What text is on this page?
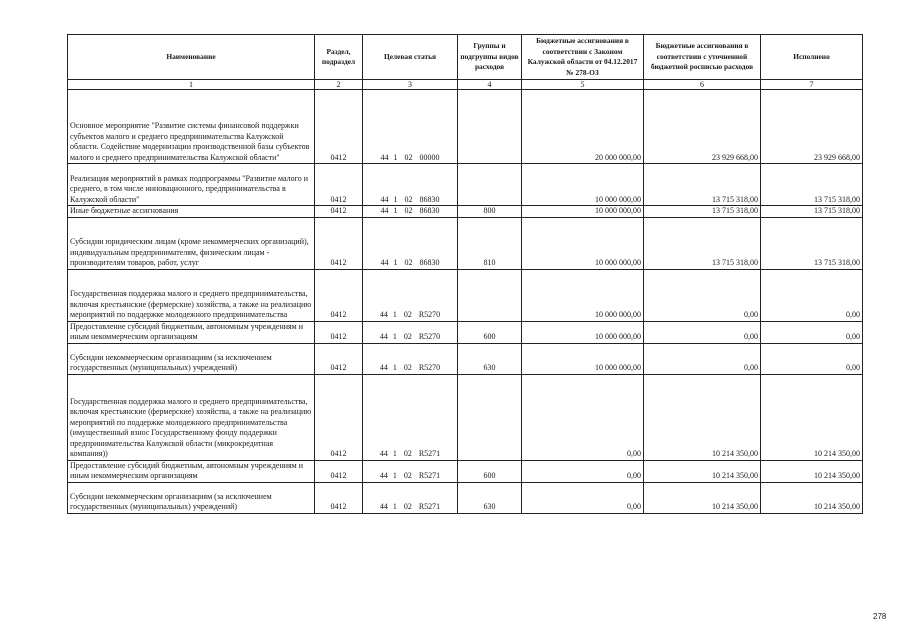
Наименование	Раздел, подраздел	Целевая статья	Группы и подгруппы видов расходов	Бюджетные ассигнования в соответствии с Законом Калужской области от 04.12.2017 № 278-ОЗ	Бюджетные ассигнования в соответствии с уточненной бюджетной росписью расходов	Исполнено
1	2	3	4	5	6	7
Основное мероприятие "Развитие системы финансовой поддержки субъектов малого и среднего предпринимательства Калужской области. Содействие модернизации производственной базы субъектов малого и среднего предпринимательства Калужской области"	0412	44 1 02 00000		20 000 000,00	23 929 668,00	23 929 668,00
Реализация мероприятий в рамках подпрограммы "Развитие малого и среднего, в том числе инновационного, предпринимательства в Калужской области"	0412	44 1 02 86830		10 000 000,00	13 715 318,00	13 715 318,00
Иные бюджетные ассигнования	0412	44 1 02 86830	800	10 000 000,00	13 715 318,00	13 715 318,00
Субсидии юридическим лицам (кроме некоммерческих организаций), индивидуальным предпринимателям, физическим лицам - производителям товаров, работ, услуг	0412	44 1 02 86830	810	10 000 000,00	13 715 318,00	13 715 318,00
Государственная поддержка малого и среднего предпринимательства, включая крестьянские (фермерские) хозяйства, а также на реализацию мероприятий по поддержке молодежного предпринимательства	0412	44 1 02 R5270		10 000 000,00	0,00	0,00
Предоставление субсидий бюджетным, автономным учреждениям и иным некоммерческим организациям	0412	44 1 02 R5270	600	10 000 000,00	0,00	0,00
Субсидии некоммерческим организациям (за исключением государственных (муниципальных) учреждений)	0412	44 1 02 R5270	630	10 000 000,00	0,00	0,00
Государственная поддержка малого и среднего предпринимательства, включая крестьянские (фермерские) хозяйства, а также на реализацию мероприятий по поддержке молодежного предпринимательства (имущественный взнос Государственному фонду поддержки предпринимательства Калужской области (микрокредитная компания))	0412	44 1 02 R5271		0,00	10 214 350,00	10 214 350,00
Предоставление субсидий бюджетным, автономным учреждениям и иным некоммерческим организациям	0412	44 1 02 R5271	600	0,00	10 214 350,00	10 214 350,00
Субсидии некоммерческим организациям (за исключением государственных (муниципальных) учреждений)	0412	44 1 02 R5271	630	0,00	10 214 350,00	10 214 350,00
278
